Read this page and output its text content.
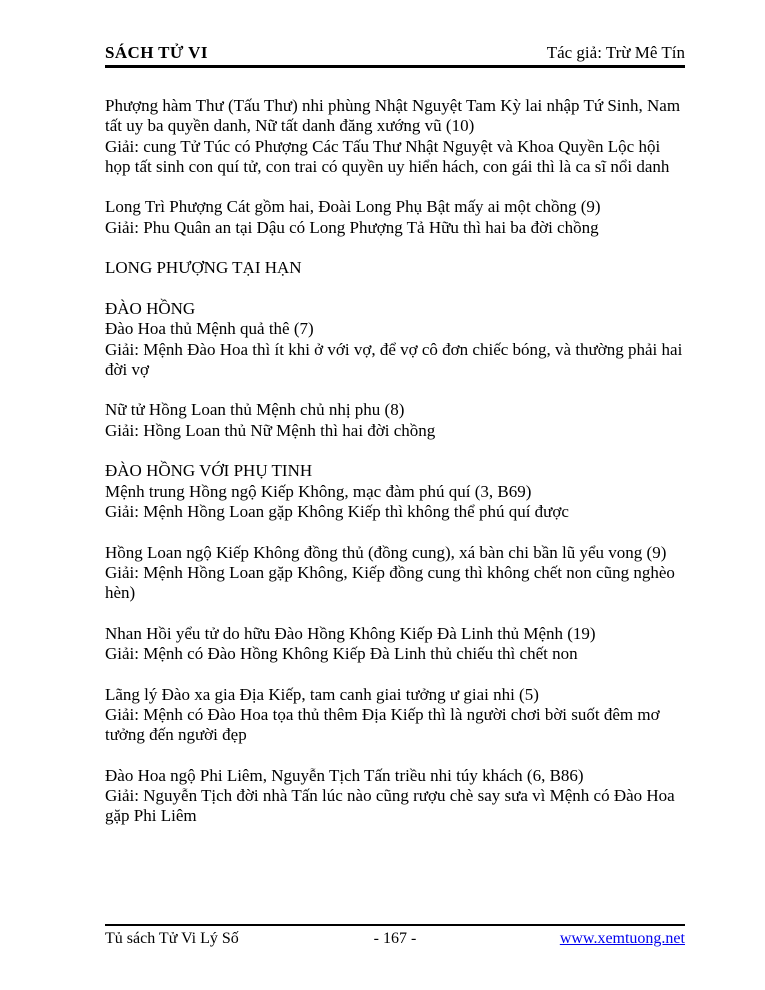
SÁCH TỬ VI	Tác giả: Trừ Mê Tín

Phượng hàm Thư (Tấu Thư) nhi phùng Nhật Nguyệt Tam Kỳ lai nhập Tứ Sinh, Nam tất uy ba quyền danh, Nữ tất danh đăng xướng vũ (10)
Giải: cung Tử Túc có Phượng Các Tấu Thư Nhật Nguyệt và Khoa Quyền Lộc hội họp tất sinh con quí tử, con trai có quyền uy hiển hách, con gái thì là ca sĩ nổi danh

Long Trì Phượng Cát gồm hai, Đoài Long Phụ Bật mấy ai một chồng (9)
Giải: Phu Quân an tại Dậu có Long Phượng Tả Hữu thì hai ba đời chồng

LONG PHƯỢNG TẠI HẠN

ĐÀO HỒNG
Đào Hoa thủ Mệnh quả thê (7)
Giải: Mệnh Đào Hoa thì ít khi ở với vợ, để vợ cô đơn chiếc bóng, và thường phải hai đời vợ

Nữ tử Hồng Loan thủ Mệnh chủ nhị phu (8)
Giải: Hồng Loan thủ Nữ Mệnh thì hai đời chồng

ĐÀO HỒNG VỚI PHỤ TINH
Mệnh trung Hồng ngộ Kiếp Không, mạc đàm phú quí (3, B69)
Giải: Mệnh Hồng Loan gặp Không Kiếp thì không thể phú quí được

Hồng Loan ngộ Kiếp Không đồng thủ (đồng cung), xá bàn chi bần lũ yểu vong (9)
Giải: Mệnh Hồng Loan gặp Không, Kiếp đồng cung thì không chết non cũng nghèo hèn)

Nhan Hồi yểu tử do hữu Đào Hồng Không Kiếp Đà Linh thủ Mệnh (19)
Giải: Mệnh có Đào Hồng Không Kiếp Đà Linh thủ chiếu thì chết non

Lãng lý Đào xa gia Địa Kiếp, tam canh giai tưởng ư giai nhi (5)
Giải: Mệnh có Đào Hoa tọa thủ thêm Địa Kiếp thì là người chơi bời suốt đêm mơ tưởng đến người đẹp

Đào Hoa ngộ Phi Liêm, Nguyễn Tịch Tấn triều nhi túy khách (6, B86)
Giải: Nguyễn Tịch đời nhà Tấn lúc nào cũng rượu chè say sưa vì Mệnh có Đào Hoa gặp Phi Liêm

Tủ sách Tử Vi Lý Số	- 167 -	www.xemtuong.net
